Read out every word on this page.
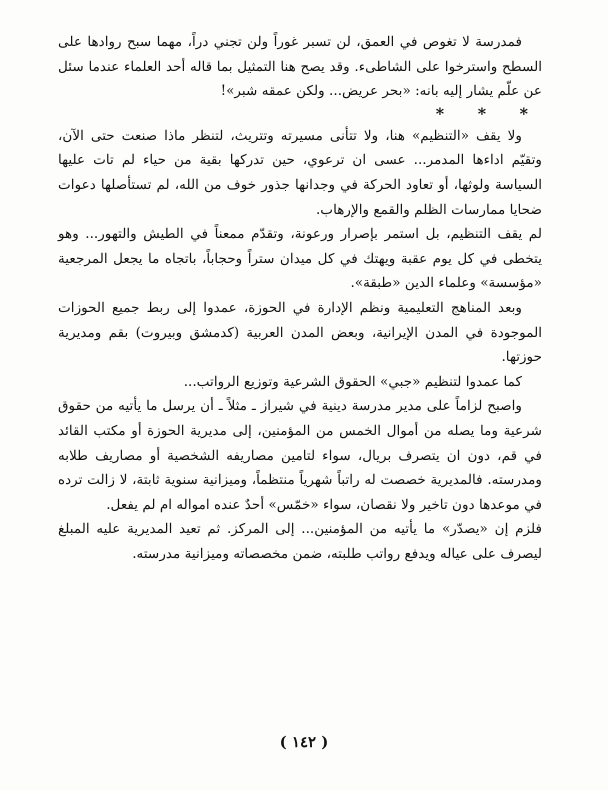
فمدرسة لا تغوص في العمق، لن تسبر غوراً ولن تجني دراً، مهما سبح روادها على السطح واسترخوا على الشاطىء. وقد يصح هنا التمثيل بما قاله أحد العلماء عندما سئل عن علّم يشار إليه بانه: «بحر عريض... ولكن عمقه شبر»!

* * *

ولا يقف «التنظيم» هنا، ولا تتأنى مسيرته وتتريث، لتنظر ماذا صنعت حتى الآن، وتقيّم اداءها المدمر... عسى ان ترعوي، حين تدركها بقية من حياء لم تات عليها السياسة ولوثها، أو تعاود الحركة في وجدانها جذور خوف من الله، لم تستأصلها دعوات ضحايا ممارسات الظلم والقمع والإرهاب.

لم يقف التنظيم، بل استمر بإصرار ورعونة، وتقدّم ممعناً في الطيش والتهور... وهو يتخطى في كل يوم عقبة ويهتك في كل ميدان ستراً وحجاباً، باتجاه ما يجعل المرجعية «مؤسسة» وعلماء الدين «طبقة».

وبعد المناهج التعليمية ونظم الإدارة في الحوزة، عمدوا إلى ربط جميع الحوزات الموجودة في المدن الإيرانية، وبعض المدن العربية (كدمشق وبيروت) بقم ومديرية حوزتها.

كما عمدوا لتنظيم «جبي» الحقوق الشرعية وتوزيع الرواتب...

واصبح لزاماً على مدير مدرسة دينية في شيراز ـ مثلاً ـ أن يرسل ما يأتيه من حقوق شرعية وما يصله من أموال الخمس من المؤمنين، إلى مديرية الحوزة أو مكتب القائد في قم، دون ان يتصرف بريال، سواء لتامين مصاريفه الشخصية أو مصاريف طلابه ومدرسته. فالمديرية خصصت له راتباً شهرياً منتظماً، وميزانية سنوية ثابتة، لا زالت ترده في موعدها دون تاخير ولا نقصان، سواء «خمّس» أحدٌ عنده امواله ام لم يفعل.

فلزم إن «يصدّر» ما يأتيه من المؤمنين... إلى المركز. ثم تعيد المديرية عليه المبلغ ليصرف على عياله ويدفع رواتب طلبته، ضمن مخصصاته وميزانية مدرسته.

( ١٤٢ )
